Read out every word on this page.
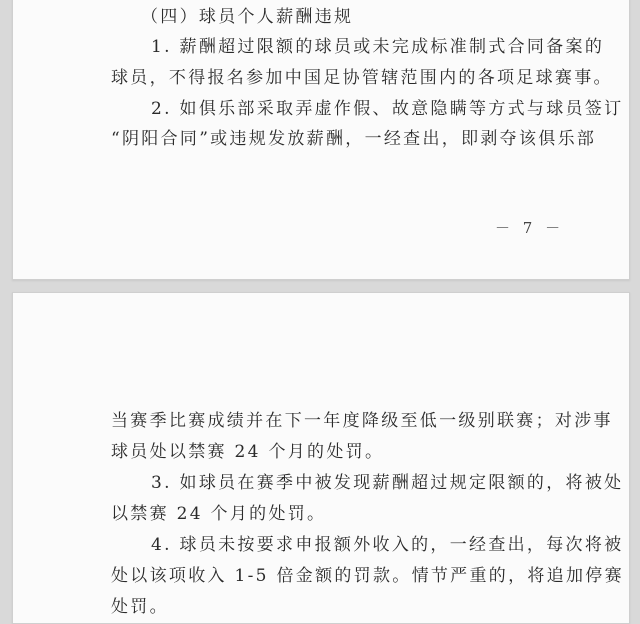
（四）球员个人薪酬违规
1. 薪酬超过限额的球员或未完成标准制式合同备案的
球员，不得报名参加中国足协管辖范围内的各项足球赛事。
2. 如俱乐部采取弄虚作假、故意隐瞒等方式与球员签订
“阴阳合同”或违规发放薪酬，一经查出，即剥夺该俱乐部
－ 7 －
当赛季比赛成绩并在下一年度降级至低一级别联赛；对涉事
球员处以禁赛 24 个月的处罚。
3. 如球员在赛季中被发现薪酬超过规定限额的，将被处
以禁赛 24 个月的处罚。
4. 球员未按要求申报额外收入的，一经查出，每次将被
处以该项收入 1-5 倍金额的罚款。情节严重的，将追加停赛
处罚。
